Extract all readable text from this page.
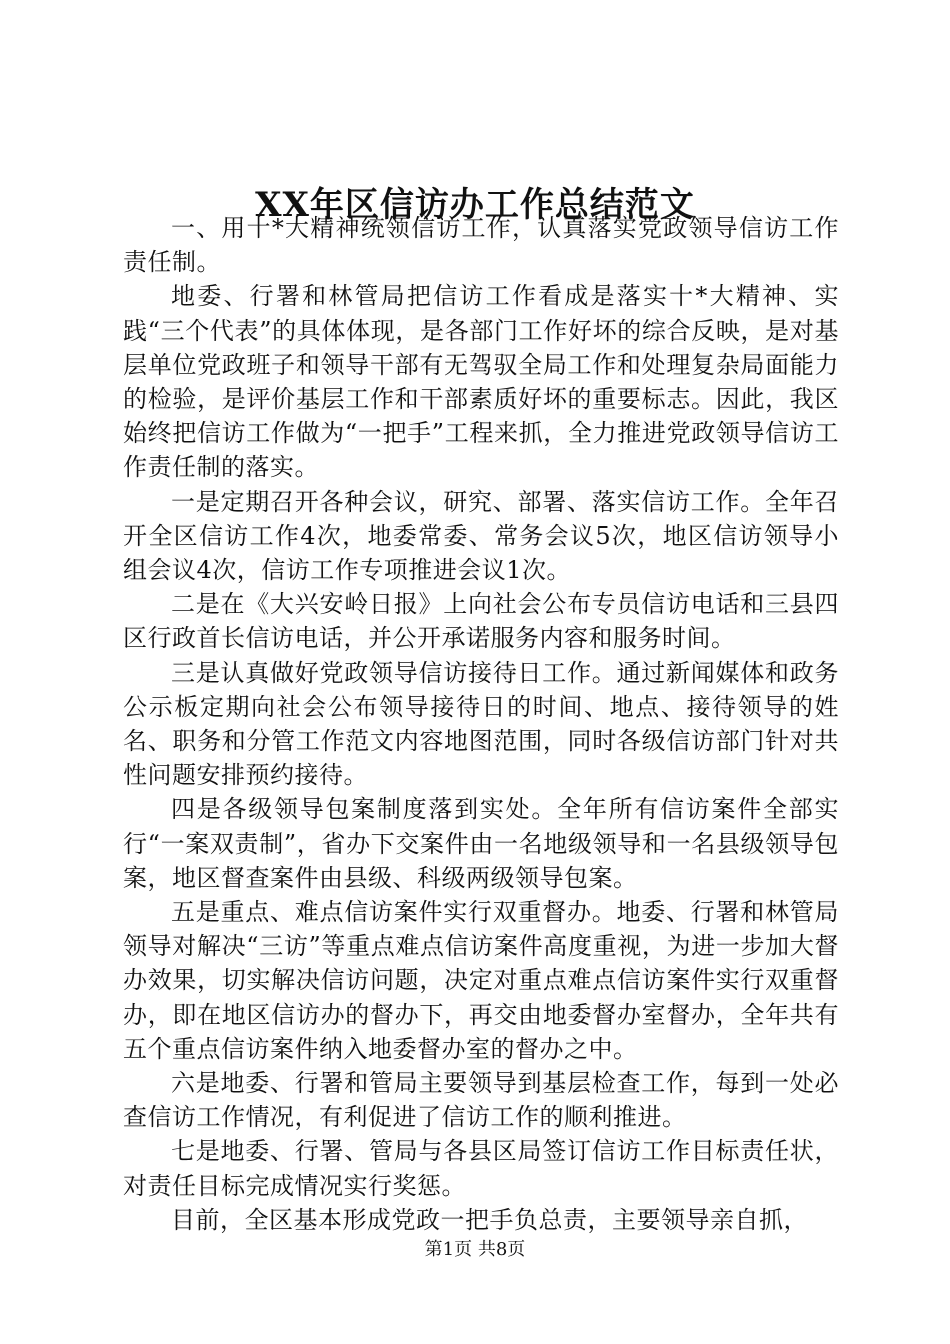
XX年区信访办工作总结范文

一、用十*大精神统领信访工作，认真落实党政领导信访工作责任制。

地委、行署和林管局把信访工作看成是落实十*大精神、实践“三个代表”的具体体现，是各部门工作好坏的综合反映，是对基层单位党政班子和领导干部有无驾驭全局工作和处理复杂局面能力的检验，是评价基层工作和干部素质好坏的重要标志。因此，我区始终把信访工作做为“一把手”工程来抓，全力推进党政领导信访工作责任制的落实。

一是定期召开各种会议，研究、部署、落实信访工作。全年召开全区信访工作4次，地委常委、常务会议5次，地区信访领导小组会议4次，信访工作专项推进会议1次。

二是在《大兴安岭日报》上向社会公布专员信访电话和三县四区行政首长信访电话，并公开承诺服务内容和服务时间。

三是认真做好党政领导信访接待日工作。通过新闻媒体和政务公示板定期向社会公布领导接待日的时间、地点、接待领导的姓名、职务和分管工作范文内容地图范围，同时各级信访部门针对共性问题安排预约接待。

四是各级领导包案制度落到实处。全年所有信访案件全部实行“一案双责制”，省办下交案件由一名地级领导和一名县级领导包案，地区督查案件由县级、科级两级领导包案。

五是重点、难点信访案件实行双重督办。地委、行署和林管局领导对解决“三访”等重点难点信访案件高度重视，为进一步加大督办效果，切实解决信访问题，决定对重点难点信访案件实行双重督办，即在地区信访办的督办下，再交由地委督办室督办，全年共有五个重点信访案件纳入地委督办室的督办之中。

六是地委、行署和管局主要领导到基层检查工作，每到一处必查信访工作情况，有利促进了信访工作的顺利推进。

七是地委、行署、管局与各县区局签订信访工作目标责任状，对责任目标完成情况实行奖惩。

目前，全区基本形成党政一把手负总责，主要领导亲自抓，

第1页 共8页
